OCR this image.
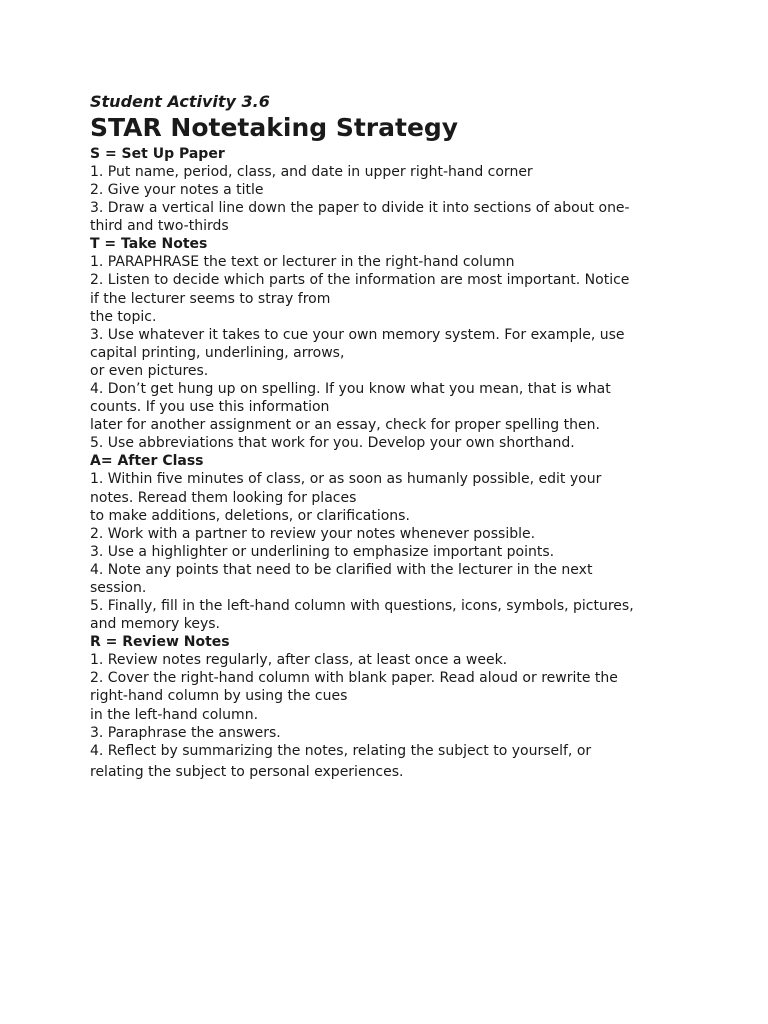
Student Activity 3.6

STAR Notetaking Strategy

S = Set Up Paper

1. Put name, period, class, and date in upper right-hand corner

2. Give your notes a title

3. Draw a vertical line down the paper to divide it into sections of about one-

third and two-thirds

T = Take Notes

1. PARAPHRASE the text or lecturer in the right-hand column

2. Listen to decide which parts of the information are most important. Notice

if the lecturer seems to stray from

the topic.

3. Use whatever it takes to cue your own memory system. For example, use

capital printing, underlining, arrows,

or even pictures.

4. Don’t get hung up on spelling. If you know what you mean, that is what

counts. If you use this information

later for another assignment or an essay, check for proper spelling then.

5. Use abbreviations that work for you. Develop your own shorthand.

A= After Class

1. Within five minutes of class, or as soon as humanly possible, edit your

notes. Reread them looking for places

to make additions, deletions, or clarifications.

2. Work with a partner to review your notes whenever possible.

3. Use a highlighter or underlining to emphasize important points.

4. Note any points that need to be clarified with the lecturer in the next

session.

5. Finally, fill in the left-hand column with questions, icons, symbols, pictures,

and memory keys.

R = Review Notes

1. Review notes regularly, after class, at least once a week.

2. Cover the right-hand column with blank paper. Read aloud or rewrite the

right-hand column by using the cues

in the left-hand column.

3. Paraphrase the answers.

4. Reflect by summarizing the notes, relating the subject to yourself, or

relating the subject to personal experiences.
